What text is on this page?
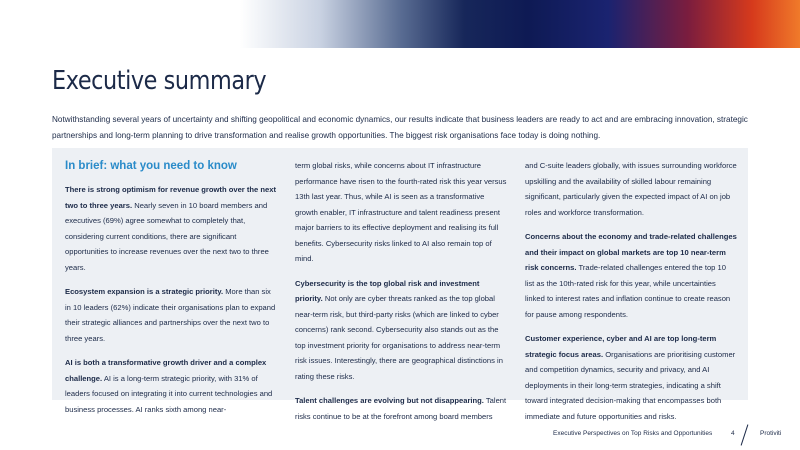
Executive summary

Notwithstanding several years of uncertainty and shifting geopolitical and economic dynamics, our results indicate that business leaders are ready to act and are embracing innovation, strategic partnerships and long-term planning to drive transformation and realise growth opportunities. The biggest risk organisations face today is doing nothing.

In brief: what you need to know
There is strong optimism for revenue growth over the next two to three years. Nearly seven in 10 board members and executives (69%) agree somewhat to completely that, considering current conditions, there are significant opportunities to increase revenues over the next two to three years.
Ecosystem expansion is a strategic priority. More than six in 10 leaders (62%) indicate their organisations plan to expand their strategic alliances and partnerships over the next two to three years.
AI is both a transformative growth driver and a complex challenge. AI is a long-term strategic priority, with 31% of leaders focused on integrating it into current technologies and business processes. AI ranks sixth among near-
term global risks, while concerns about IT infrastructure performance have risen to the fourth-rated risk this year versus 13th last year. Thus, while AI is seen as a transformative growth enabler, IT infrastructure and talent readiness present major barriers to its effective deployment and realising its full benefits. Cybersecurity risks linked to AI also remain top of mind.
Cybersecurity is the top global risk and investment priority. Not only are cyber threats ranked as the top global near-term risk, but third-party risks (which are linked to cyber concerns) rank second. Cybersecurity also stands out as the top investment priority for organisations to address near-term risk issues. Interestingly, there are geographical distinctions in rating these risks.
Talent challenges are evolving but not disappearing. Talent risks continue to be at the forefront among board members
and C-suite leaders globally, with issues surrounding workforce upskilling and the availability of skilled labour remaining significant, particularly given the expected impact of AI on job roles and workforce transformation.
Concerns about the economy and trade-related challenges and their impact on global markets are top 10 near-term risk concerns. Trade-related challenges entered the top 10 list as the 10th-rated risk for this year, while uncertainties linked to interest rates and inflation continue to create reason for pause among respondents.
Customer experience, cyber and AI are top long-term strategic focus areas. Organisations are prioritising customer and competition dynamics, security and privacy, and AI deployments in their long-term strategies, indicating a shift toward integrated decision-making that encompasses both immediate and future opportunities and risks.
Executive Perspectives on Top Risks and Opportunities	4	Protiviti
